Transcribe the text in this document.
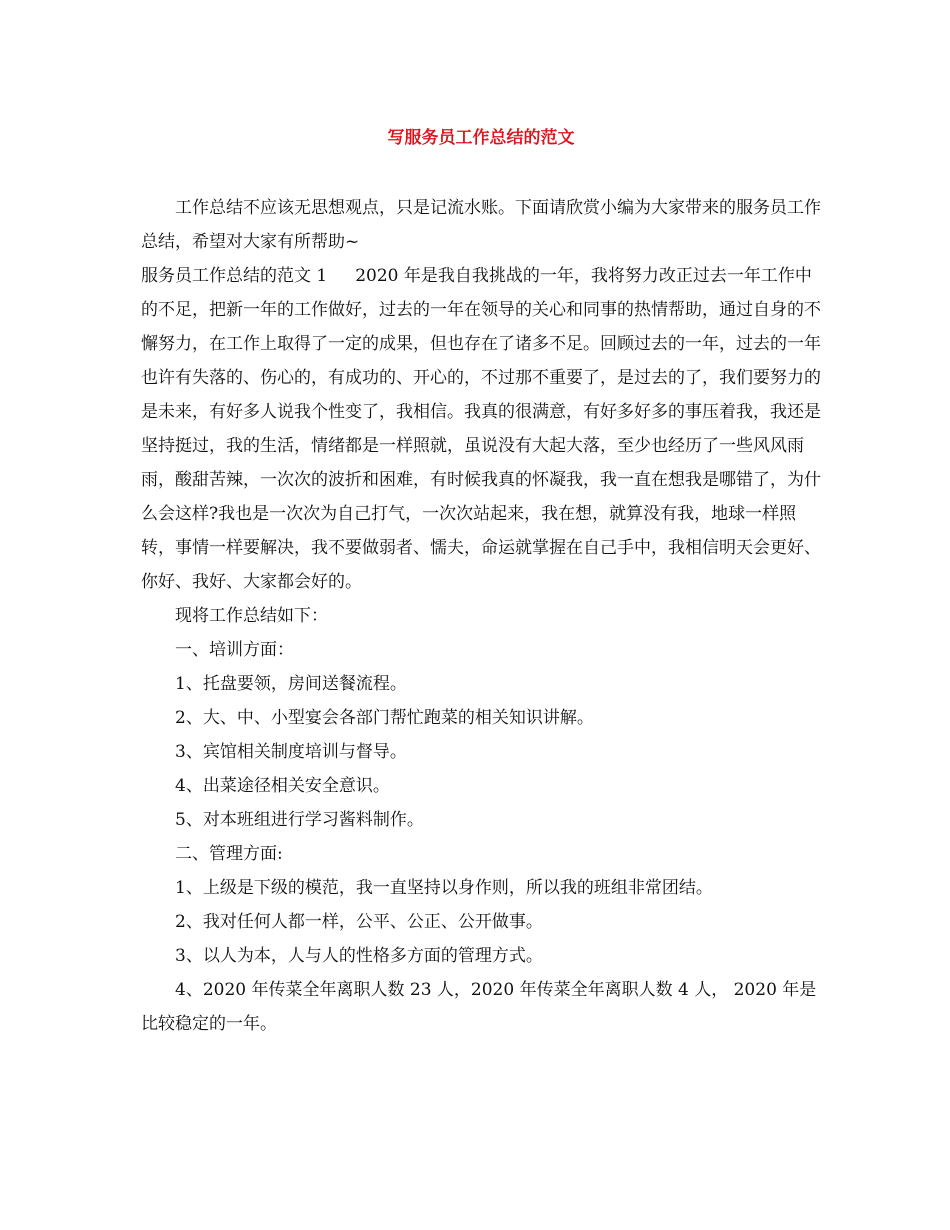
写服务员工作总结的范文

工作总结不应该无思想观点，只是记流水账。下面请欣赏小编为大家带来的服务员工作总结，希望对大家有所帮助~

服务员工作总结的范文 1 2020 年是我自我挑战的一年，我将努力改正过去一年工作中的不足，把新一年的工作做好，过去的一年在领导的关心和同事的热情帮助，通过自身的不懈努力，在工作上取得了一定的成果，但也存在了诸多不足。回顾过去的一年，过去的一年也许有失落的、伤心的，有成功的、开心的，不过那不重要了，是过去的了，我们要努力的是未来，有好多人说我个性变了，我相信。我真的很满意，有好多好多的事压着我，我还是坚持挺过，我的生活，情绪都是一样照就，虽说没有大起大落，至少也经历了一些风风雨雨，酸甜苦辣，一次次的波折和困难，有时候我真的怀凝我，我一直在想我是哪错了，为什么会这样?我也是一次次为自己打气，一次次站起来，我在想，就算没有我，地球一样照转，事情一样要解决，我不要做弱者、懦夫，命运就掌握在自己手中，我相信明天会更好、你好、我好、大家都会好的。

现将工作总结如下：

一、培训方面：

1、托盘要领，房间送餐流程。

2、大、中、小型宴会各部门帮忙跑菜的相关知识讲解。

3、宾馆相关制度培训与督导。

4、出菜途径相关安全意识。

5、对本班组进行学习酱料制作。

二、管理方面:

1、上级是下级的模范，我一直坚持以身作则，所以我的班组非常团结。

2、我对任何人都一样，公平、公正、公开做事。

3、以人为本，人与人的性格多方面的管理方式。

4、2020 年传菜全年离职人数 23 人，2020 年传菜全年离职人数 4 人， 2020 年是比较稳定的一年。
